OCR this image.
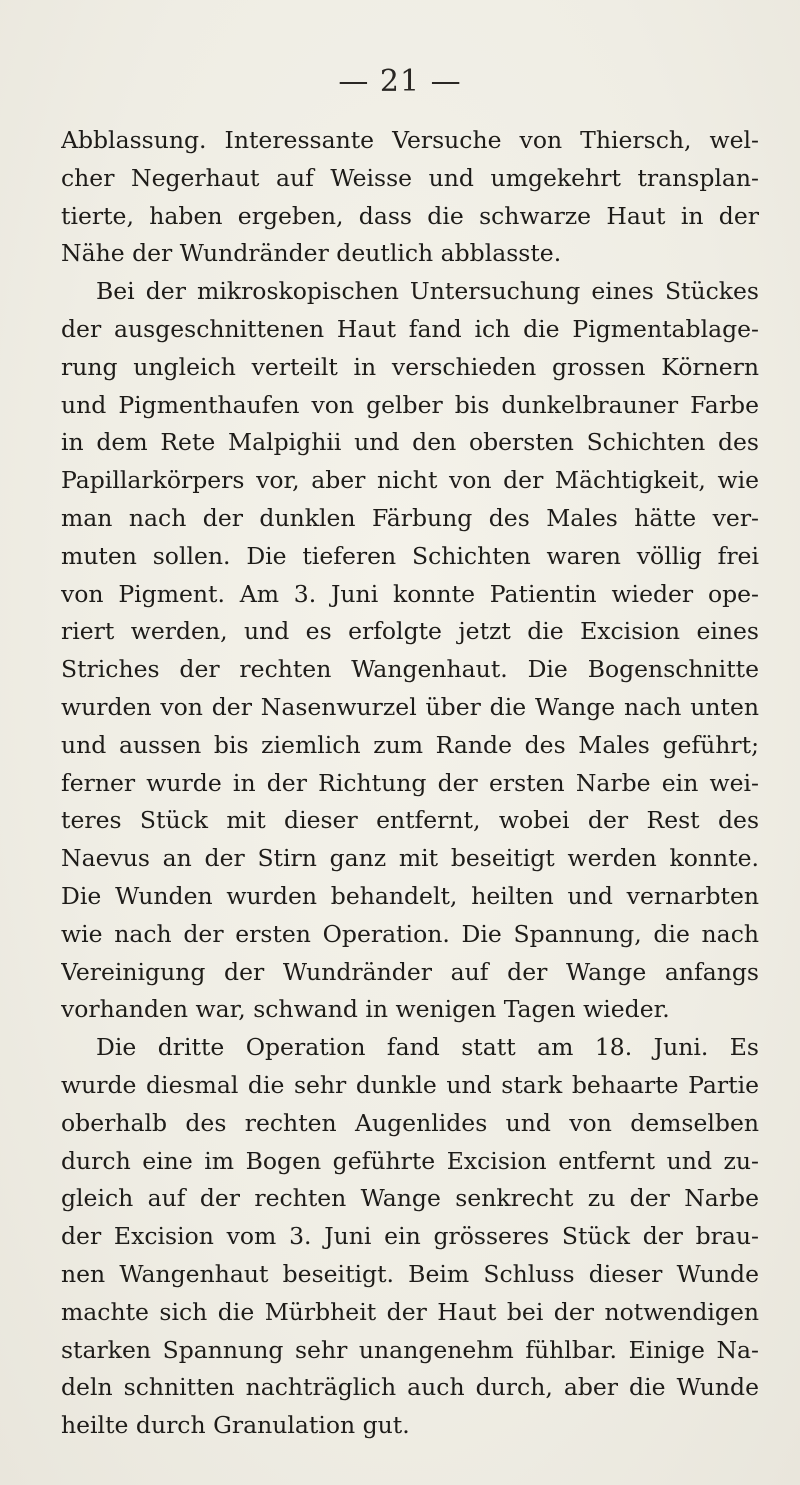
— 21 —
Abblassung. Interessante Versuche von Thiersch, wel-
cher Negerhaut auf Weisse und umgekehrt transplan-
tierte, haben ergeben, dass die schwarze Haut in der
Nähe der Wundränder deutlich abblasste.
Bei der mikroskopischen Untersuchung eines Stückes
der ausgeschnittenen Haut fand ich die Pigmentablage-
rung ungleich verteilt in verschieden grossen Körnern
und Pigmenthaufen von gelber bis dunkelbrauner Farbe
in dem Rete Malpighii und den obersten Schichten des
Papillarkörpers vor, aber nicht von der Mächtigkeit, wie
man nach der dunklen Färbung des Males hätte ver-
muten sollen. Die tieferen Schichten waren völlig frei
von Pigment. Am 3. Juni konnte Patientin wieder ope-
riert werden, und es erfolgte jetzt die Excision eines
Striches der rechten Wangenhaut. Die Bogenschnitte
wurden von der Nasenwurzel über die Wange nach unten
und aussen bis ziemlich zum Rande des Males geführt;
ferner wurde in der Richtung der ersten Narbe ein wei-
teres Stück mit dieser entfernt, wobei der Rest des
Naevus an der Stirn ganz mit beseitigt werden konnte.
Die Wunden wurden behandelt, heilten und vernarbten
wie nach der ersten Operation. Die Spannung, die nach
Vereinigung der Wundränder auf der Wange anfangs
vorhanden war, schwand in wenigen Tagen wieder.
Die dritte Operation fand statt am 18. Juni. Es
wurde diesmal die sehr dunkle und stark behaarte Partie
oberhalb des rechten Augenlides und von demselben
durch eine im Bogen geführte Excision entfernt und zu-
gleich auf der rechten Wange senkrecht zu der Narbe
der Excision vom 3. Juni ein grösseres Stück der brau-
nen Wangenhaut beseitigt. Beim Schluss dieser Wunde
machte sich die Mürbheit der Haut bei der notwendigen
starken Spannung sehr unangenehm fühlbar. Einige Na-
deln schnitten nachträglich auch durch, aber die Wunde
heilte durch Granulation gut.
